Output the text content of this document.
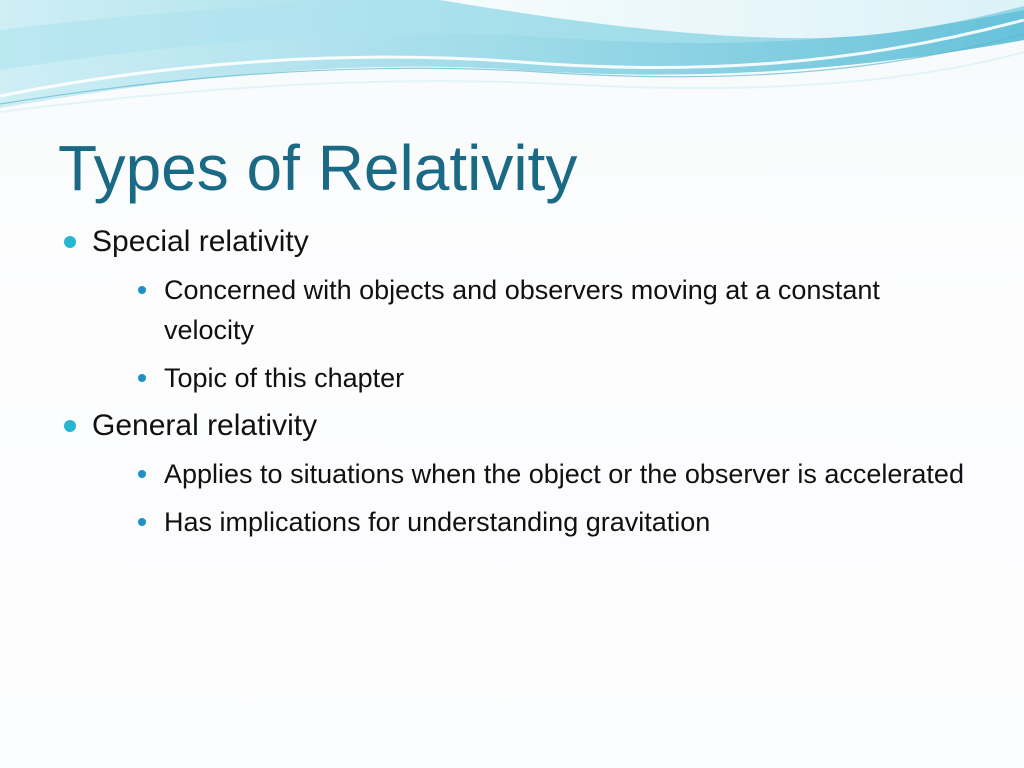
Types of Relativity
Special relativity
Concerned with objects and observers moving at a constant velocity
Topic of this chapter
General relativity
Applies to situations when the object or the observer is accelerated
Has implications for understanding gravitation
